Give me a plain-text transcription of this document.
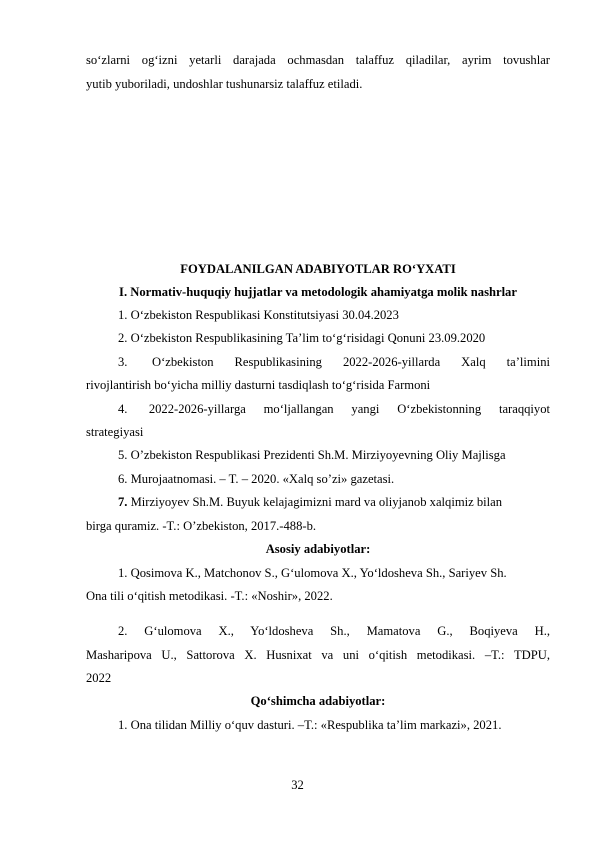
so‘zlarni og‘izni yetarli darajada ochmasdan talaffuz qiladilar, ayrim tovushlar
yutib yuboriladi, undoshlar tushunarsiz talaffuz etiladi.
FOYDALANILGAN ADABIYOTLAR RO‘YXATI
I. Normativ-huquqiy hujjatlar va metodologik ahamiyatga molik nashrlar
1. O‘zbekiston Respublikasi Konstitutsiyasi 30.04.2023
2. O‘zbekiston Respublikasining Ta’lim to‘g‘risidagi Qonuni 23.09.2020
3. O‘zbekiston Respublikasining 2022-2026-yillarda Xalq ta’limini
rivojlantirish bo‘yicha milliy dasturni tasdiqlash to‘g‘risida Farmoni
4. 2022-2026-yillarga mo‘ljallangan yangi O‘zbekistonning taraqqiyot
strategiyasi
5. O’zbekiston Respublikasi Prezidenti Sh.M. Mirziyoyevning Oliy Majlisga
6. Murojaatnomasi. – T. – 2020. «Xalq so’zi» gazetasi.
7. Mirziyoyev Sh.M. Buyuk kelajagimizni mard va oliyjanob xalqimiz bilan
birga quramiz. -T.: O’zbekiston, 2017.-488-b.
Asosiy adabiyotlar:
1. Qosimova K., Matchonov S., G‘ulomova X., Yo‘ldosheva Sh., Sariyev Sh.
Ona tili o‘qitish metodikasi. -T.: «Noshir», 2022.
2. G‘ulomova X., Yo‘ldosheva Sh., Mamatova G., Boqiyeva H.,
Masharipova U., Sattorova X. Husnixat va uni o‘qitish metodikasi. –T.: TDPU,
2022
Qo‘shimcha adabiyotlar:
1. Ona tilidan Milliy o‘quv dasturi. –T.: «Respublika ta’lim markazi», 2021.
32
